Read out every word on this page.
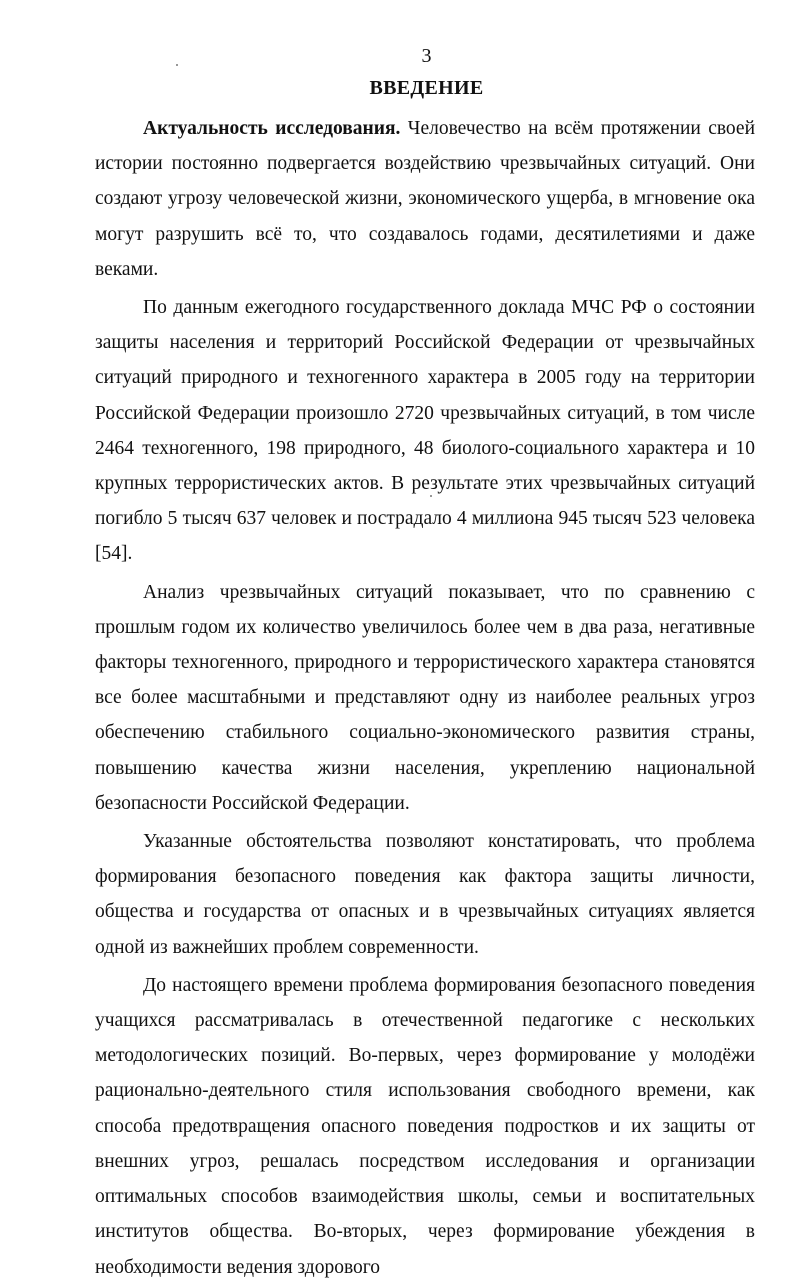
3
ВВЕДЕНИЕ

Актуальность исследования. Человечество на всём протяжении своей истории постоянно подвергается воздействию чрезвычайных ситуаций. Они создают угрозу человеческой жизни, экономического ущерба, в мгновение ока могут разрушить всё то, что создавалось годами, десятилетиями и даже веками.

По данным ежегодного государственного доклада МЧС РФ о состоянии защиты населения и территорий Российской Федерации от чрезвычайных ситуаций природного и техногенного характера в 2005 году на территории Российской Федерации произошло 2720 чрезвычайных ситуаций, в том числе 2464 техногенного, 198 природного, 48 биолого-социального характера и 10 крупных террористических актов. В результате этих чрезвычайных ситуаций погибло 5 тысяч 637 человек и пострадало 4 миллиона 945 тысяч 523 человека [54].

Анализ чрезвычайных ситуаций показывает, что по сравнению с прошлым годом их количество увеличилось более чем в два раза, негативные факторы техногенного, природного и террористического характера становятся все более масштабными и представляют одну из наиболее реальных угроз обеспечению стабильного социально-экономического развития страны, повышению качества жизни населения, укреплению национальной безопасности Российской Федерации.

Указанные обстоятельства позволяют констатировать, что проблема формирования безопасного поведения как фактора защиты личности, общества и государства от опасных и в чрезвычайных ситуациях является одной из важнейших проблем современности.

До настоящего времени проблема формирования безопасного поведения учащихся рассматривалась в отечественной педагогике с нескольких методологических позиций. Во-первых, через формирование у молодёжи рационально-деятельного стиля использования свободного времени, как способа предотвращения опасного поведения подростков и их защиты от внешних угроз, решалась посредством исследования и организации оптимальных способов взаимодействия школы, семьи и воспитательных институтов общества. Во-вторых, через формирование убеждения в необходимости ведения здорового
